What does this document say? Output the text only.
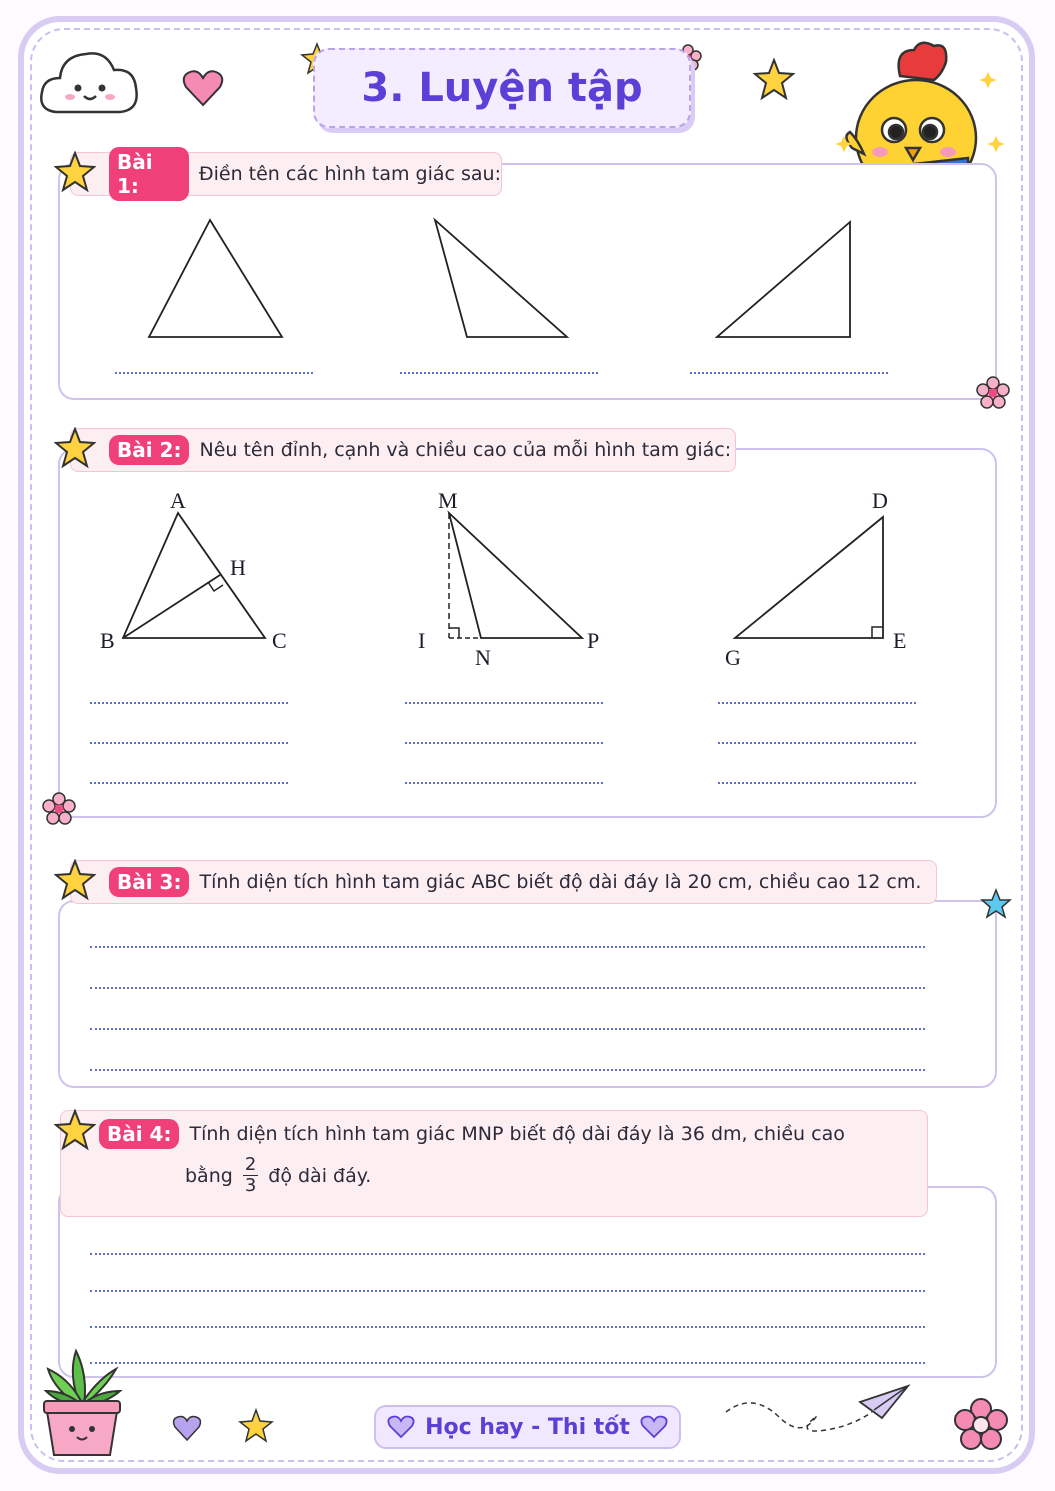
3. Luyện tập
Bài 1:	Điền tên các hình tam giác sau:
Bài 2: Nêu tên đỉnh, cạnh và chiều cao của mỗi hình tam giác:
A
H
B	C
M
I
N
P
D
G
E
Bài 3: Tính diện tích hình tam giác ABC biết độ dài đáy là 20 cm, chiều cao 12 cm.
Bài 4: Tính diện tích hình tam giác MNP biết độ dài đáy là 36 dm, chiều cao
bằng $\frac{2}{3}$ độ dài đáy.
Học hay - Thi tốt
